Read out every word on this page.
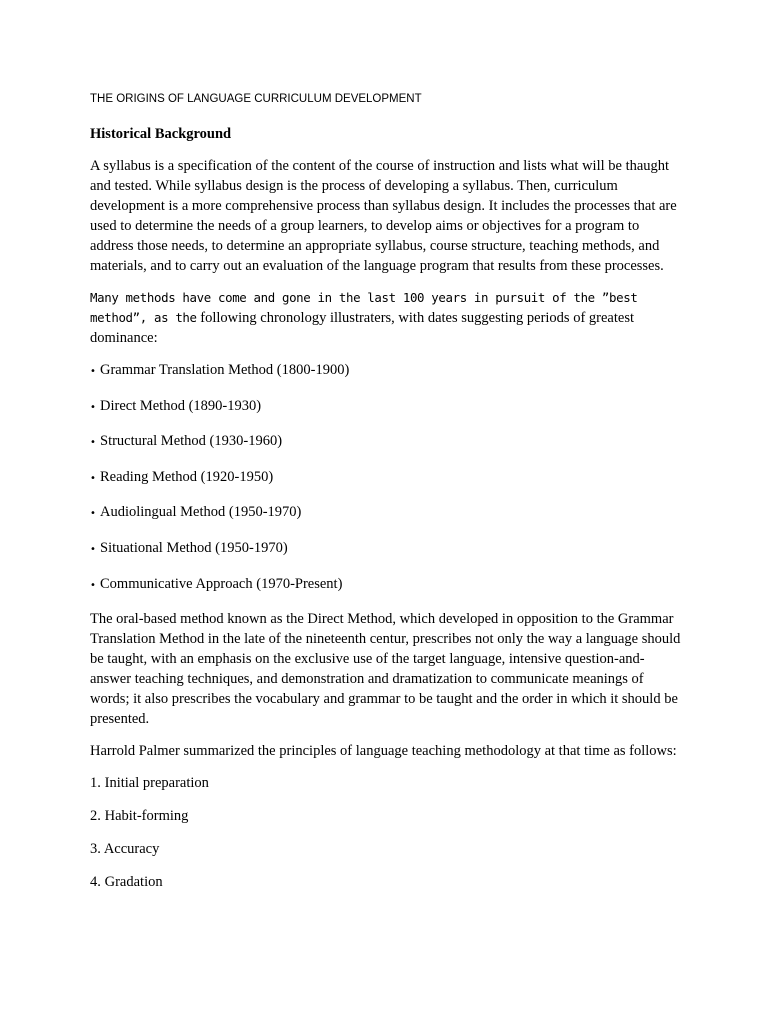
THE ORIGINS OF LANGUAGE CURRICULUM DEVELOPMENT
Historical Background

A syllabus is a specification of the content of the course of instruction and lists what will be thaught and tested. While syllabus design is the process of developing a syllabus. Then, curriculum development is a more comprehensive process than syllabus design. It includes the processes that are used to determine the needs of a group learners, to develop aims or objectives for a program to address those needs, to determine an appropriate syllabus, course structure, teaching methods, and materials, and to carry out an evaluation of the language program that results from these processes.

Many methods have come and gone in the last 100 years in pursuit of the ”best method”, as the following chronology illustraters, with dates suggesting periods of greatest dominance:

• Grammar Translation Method (1800-1900)
• Direct Method (1890-1930)
• Structural Method (1930-1960)
• Reading Method (1920-1950)
• Audiolingual Method (1950-1970)
• Situational Method (1950-1970)
• Communicative Approach (1970-Present)

The oral-based method known as the Direct Method, which developed in opposition to the Grammar Translation Method in the late of the nineteenth centur, prescribes not only the way a language should be taught, with an emphasis on the exclusive use of the target language, intensive question-and-answer teaching techniques, and demonstration and dramatization to communicate meanings of words; it also prescribes the vocabulary and grammar to be taught and the order in which it should be presented.

Harrold Palmer summarized the principles of language teaching methodology at that time as follows:

1. Initial preparation
2. Habit-forming
3. Accuracy
4. Gradation
